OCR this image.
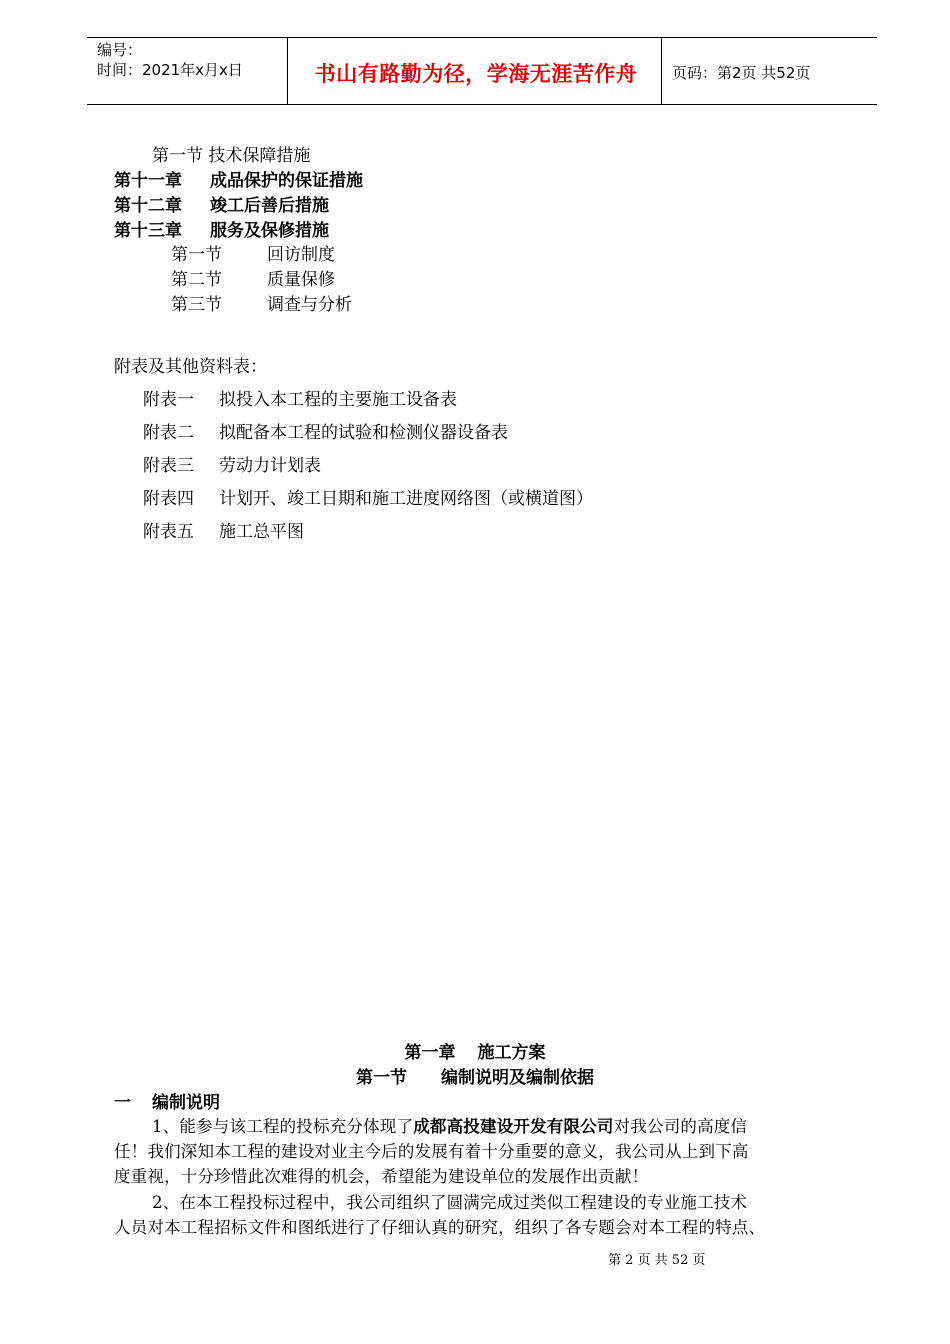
编号：
时间：2021年x月x日	书山有路勤为径，学海无涯苦作舟	页码：第2页 共52页
第一节 技术保障措施
第十一章 成品保护的保证措施
第十二章 竣工后善后措施
第十三章 服务及保修措施
第一节	回访制度
第二节	质量保修
第三节	调查与分析
附表及其他资料表：
附表一 拟投入本工程的主要施工设备表
附表二 拟配备本工程的试验和检测仪器设备表
附表三 劳动力计划表
附表四 计划开、竣工日期和施工进度网络图（或横道图）
附表五 施工总平图
第一章 施工方案
第一节 编制说明及编制依据
一 编制说明
1、能参与该工程的投标充分体现了成都高投建设开发有限公司对我公司的高度信
任！我们深知本工程的建设对业主今后的发展有着十分重要的意义，我公司从上到下高
度重视，十分珍惜此次难得的机会，希望能为建设单位的发展作出贡献！
2、在本工程投标过程中，我公司组织了圆满完成过类似工程建设的专业施工技术
人员对本工程招标文件和图纸进行了仔细认真的研究，组织了各专题会对本工程的特点、
第 2 页 共 52 页
